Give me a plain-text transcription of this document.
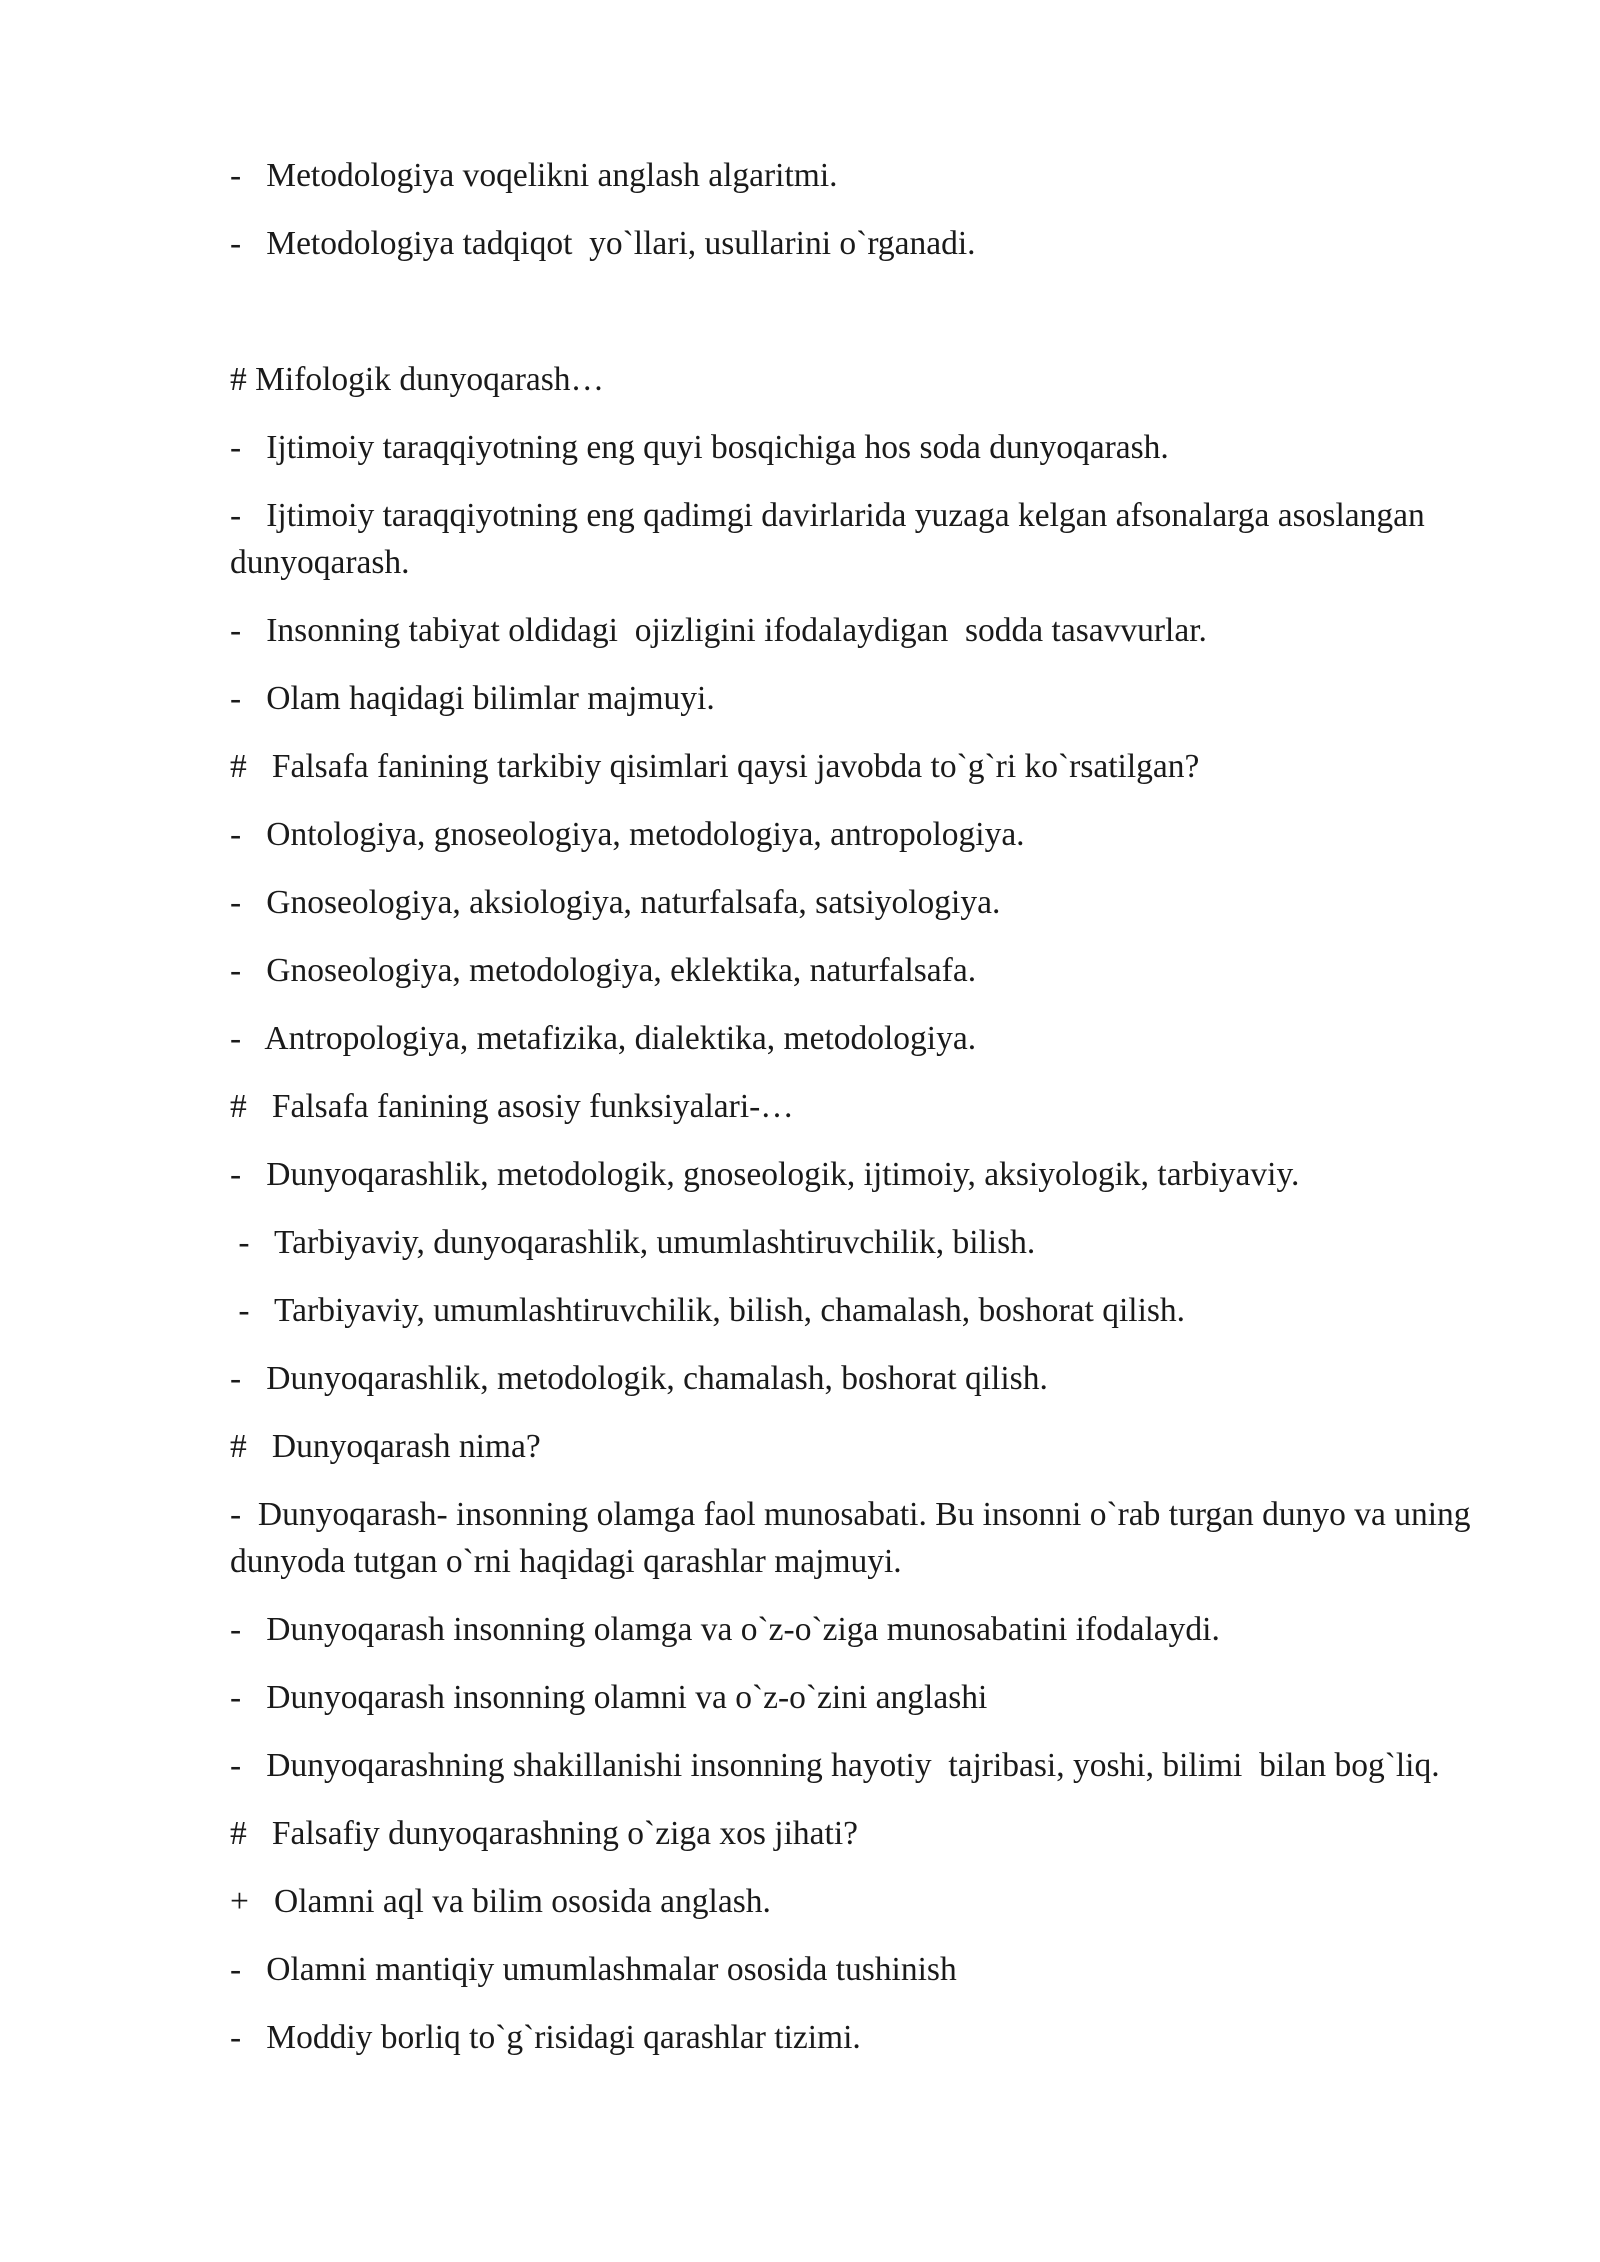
-   Metodologiya voqelikni anglash algaritmi.

-   Metodologiya tadqiqot  yo`llari, usullarini o`rganadi.

# Mifologik dunyoqarash…

-   Ijtimoiy taraqqiyotning eng quyi bosqichiga hos soda dunyoqarash.

-   Ijtimoiy taraqqiyotning eng qadimgi davirlarida yuzaga kelgan afsonalarga asoslangan dunyoqarash.

-   Insonning tabiyat oldidagi  ojizligini ifodalaydigan  sodda tasavvurlar.

-   Olam haqidagi bilimlar majmuyi.

#   Falsafa fanining tarkibiy qisimlari qaysi javobda to`g`ri ko`rsatilgan?

-   Ontologiya, gnoseologiya, metodologiya, antropologiya.

-   Gnoseologiya, aksiologiya, naturfalsafa, satsiyologiya.

-   Gnoseologiya, metodologiya, eklektika, naturfalsafa.

-   Antropologiya, metafizika, dialektika, metodologiya.

#   Falsafa fanining asosiy funksiyalari-…

-   Dunyoqarashlik, metodologik, gnoseologik, ijtimoiy, aksiyologik, tarbiyaviy.

-   Tarbiyaviy, dunyoqarashlik, umumlashtiruvchilik, bilish.

-   Tarbiyaviy, umumlashtiruvchilik, bilish, chamalash, boshorat qilish.

-   Dunyoqarashlik, metodologik, chamalash, boshorat qilish.

#   Dunyoqarash nima?

-  Dunyoqarash- insonning olamga faol munosabati. Bu insonni o`rab turgan dunyo va uning dunyoda tutgan o`rni haqidagi qarashlar majmuyi.

-   Dunyoqarash insonning olamga va o`z-o`ziga munosabatini ifodalaydi.

-   Dunyoqarash insonning olamni va o`z-o`zini anglashi

-   Dunyoqarashning shakillanishi insonning hayotiy  tajribasi, yoshi, bilimi  bilan bog`liq.

#   Falsafiy dunyoqarashning o`ziga xos jihati?

+   Olamni aql va bilim ososida anglash.

-   Olamni mantiqiy umumlashmalar ososida tushinish

-   Moddiy borliq to`g`risidagi qarashlar tizimi.
